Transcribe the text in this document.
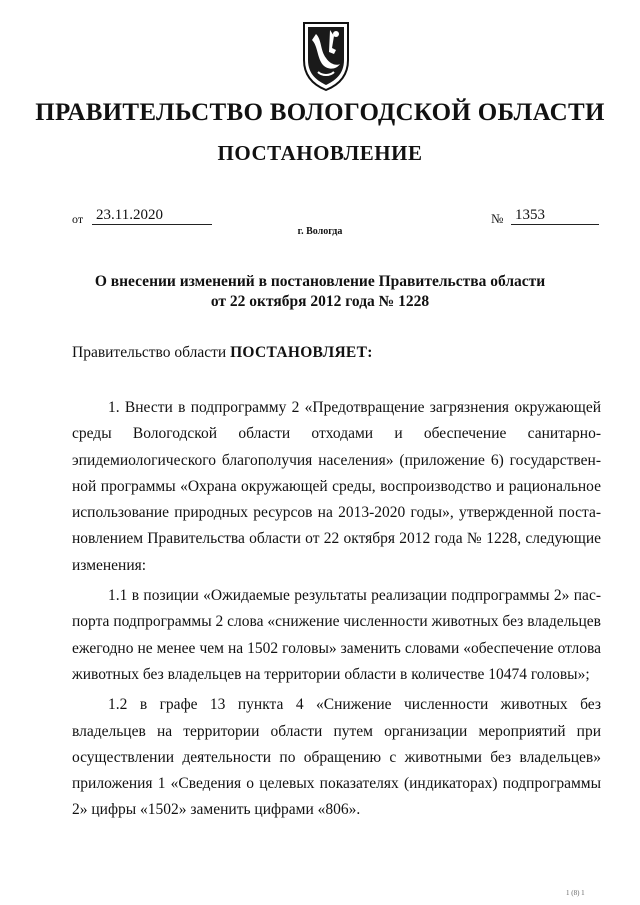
ПРАВИТЕЛЬСТВО ВОЛОГОДСКОЙ ОБЛАСТИ
ПОСТАНОВЛЕНИЕ
от 23.11.2020	№ 1353
г. Вологда
О внесении изменений в постановление Правительства области
от 22 октября 2012 года № 1228
Правительство области ПОСТАНОВЛЯЕТ:

1. Внести в подпрограмму 2 «Предотвращение загрязнения окружающей среды Вологодской области отходами и обеспечение санитарно-эпидемиологического благополучия населения» (приложение 6) государственной программы «Охрана окружающей среды, воспроизводство и рациональное использование природных ресурсов на 2013-2020 годы», утвержденной постановлением Правительства области от 22 октября 2012 года № 1228, следующие изменения:

1.1 в позиции «Ожидаемые результаты реализации подпрограммы 2» паспорта подпрограммы 2 слова «снижение численности животных без владельцев ежегодно не менее чем на 1502 головы» заменить словами «обеспечение отлова животных без владельцев на территории области в количестве 10474 головы»;

1.2 в графе 13 пункта 4 «Снижение численности животных без владельцев на территории области путем организации мероприятий при осуществлении деятельности по обращению с животными без владельцев» приложения 1 «Сведения о целевых показателях (индикаторах) подпрограммы 2» цифры «1502» заменить цифрами «806».

1 (8) 1
